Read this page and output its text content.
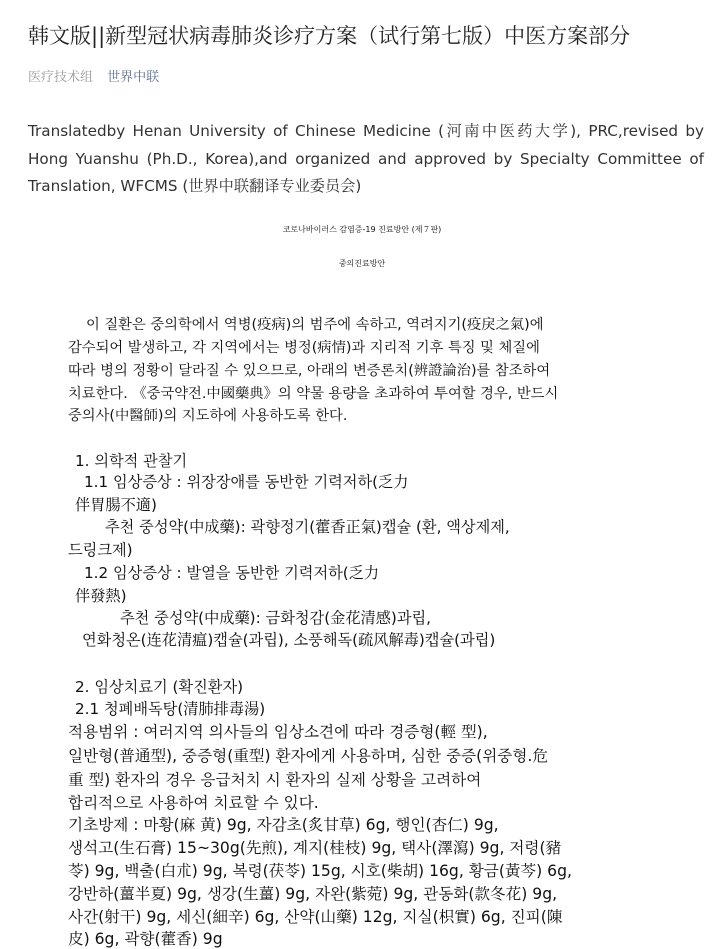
韩文版||新型冠状病毒肺炎诊疗方案（试行第七版）中医方案部分
医疗技术组 世界中联
Translatedby Henan University of Chinese Medicine (河南中医药大学), PRC,revised by Hong Yuanshu (Ph.D., Korea),and organized and approved by Specialty Committee of Translation, WFCMS (世界中联翻译专业委员会)
코로나바이러스 감염증-19 진료방안 (제７판)
중의진료방안
이 질환은 중의학에서 역병(疫病)의 범주에 속하고, 역려지기(疫戾之氣)에
감수되어 발생하고, 각 지역에서는 병정(病情)과 지리적 기후 특징 및 체질에
따라 병의 정황이 달라질 수 있으므로, 아래의 변증론치(辨證論治)를 참조하여
치료한다. 《중국약전.中國藥典》의 약물 용량을 초과하여 투여할 경우, 반드시
중의사(中醫師)의 지도하에 사용하도록 한다.
1. 의학적 관찰기
1.1 임상증상 : 위장장애를 동반한 기력저하(乏力
伴胃腸不適)
추천 중성약(中成藥): 곽향정기(藿香正氣)캡슐 (환, 액상제제,
드링크제)
1.2 임상증상 : 발열을 동반한 기력저하(乏力
伴發熱)
추천 중성약(中成藥): 금화청감(金花清感)과립,
연화청온(连花清瘟)캡슐(과립), 소풍해독(疏风解毒)캡슐(과립)
2. 임상치료기 (확진환자)
2.1 청폐배독탕(清肺排毒湯)
적용범위 : 여러지역 의사들의 임상소견에 따라 경증형(輕 型),
일반형(普通型), 중증형(重型) 환자에게 사용하며, 심한 중증(위중형.危
重 型) 환자의 경우 응급처치 시 환자의 실제 상황을 고려하여
합리적으로 사용하여 치료할 수 있다.
기초방제 : 마황(麻 黄) 9g, 자감초(炙甘草) 6g, 행인(杏仁) 9g,
생석고(生石膏) 15~30g(先煎), 계지(桂枝) 9g, 택사(澤瀉) 9g, 저령(豬
苓) 9g, 백출(白朮) 9g, 복령(茯苓) 15g, 시호(柴胡) 16g, 황금(黃芩) 6g,
강반하(薑半夏) 9g, 생강(生薑) 9g, 자완(紫菀) 9g, 관동화(款冬花) 9g,
사간(射干) 9g, 세신(細辛) 6g, 산약(山藥) 12g, 지실(枳實) 6g, 진피(陳
皮) 6g, 곽향(藿香) 9g
